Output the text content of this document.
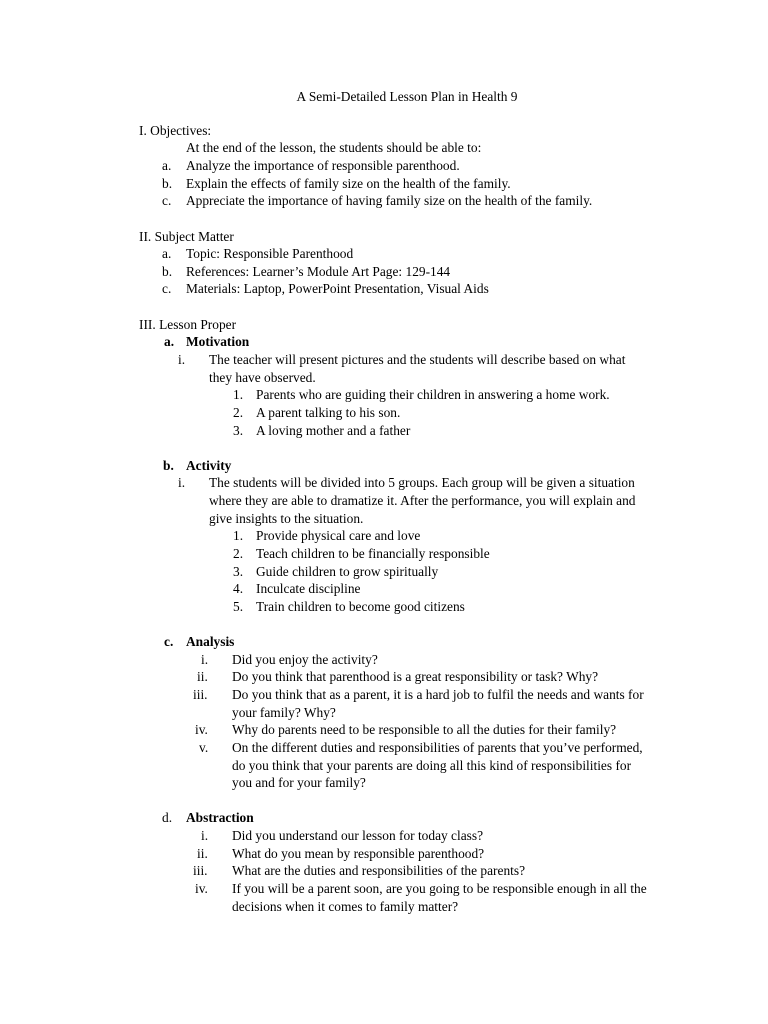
A Semi-Detailed Lesson Plan in Health 9
I. Objectives:
At the end of the lesson, the students should be able to:
a. Analyze the importance of responsible parenthood.
b. Explain the effects of family size on the health of the family.
c. Appreciate the importance of having family size on the health of the family.
II. Subject Matter
a. Topic: Responsible Parenthood
b. References: Learner’s Module Art Page: 129-144
c. Materials: Laptop, PowerPoint Presentation, Visual Aids
III. Lesson Proper
a. Motivation
i. The teacher will present pictures and the students will describe based on what
they have observed.
1. Parents who are guiding their children in answering a home work.
2. A parent talking to his son.
3. A loving mother and a father
b. Activity
i. The students will be divided into 5 groups. Each group will be given a situation
where they are able to dramatize it. After the performance, you will explain and
give insights to the situation.
1. Provide physical care and love
2. Teach children to be financially responsible
3. Guide children to grow spiritually
4. Inculcate discipline
5. Train children to become good citizens
c. Analysis
i. Did you enjoy the activity?
ii. Do you think that parenthood is a great responsibility or task? Why?
iii. Do you think that as a parent, it is a hard job to fulfil the needs and wants for
your family? Why?
iv. Why do parents need to be responsible to all the duties for their family?
v. On the different duties and responsibilities of parents that you’ve performed,
do you think that your parents are doing all this kind of responsibilities for
you and for your family?
d. Abstraction
i. Did you understand our lesson for today class?
ii. What do you mean by responsible parenthood?
iii. What are the duties and responsibilities of the parents?
iv. If you will be a parent soon, are you going to be responsible enough in all the
decisions when it comes to family matter?
